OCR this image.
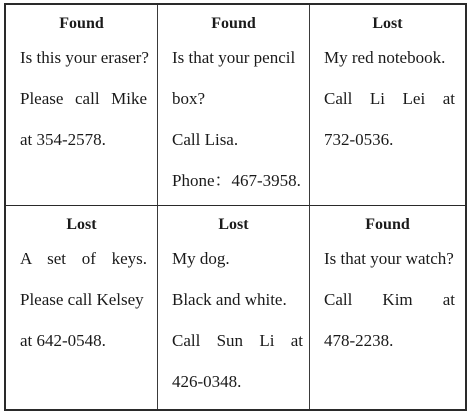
Found
Is this your eraser?
Please call Mike
at 354-2578.
Found
Is that your pencil
box?
Call Lisa.
Phone：467-3958.
Lost
My red notebook.
Call Li Lei at
732-0536.
Lost
A set of keys.
Please call Kelsey
at 642-0548.
Lost
My dog.
Black and white.
Call Sun Li at
426-0348.
Found
Is that your watch?
Call Kim at
478-2238.
